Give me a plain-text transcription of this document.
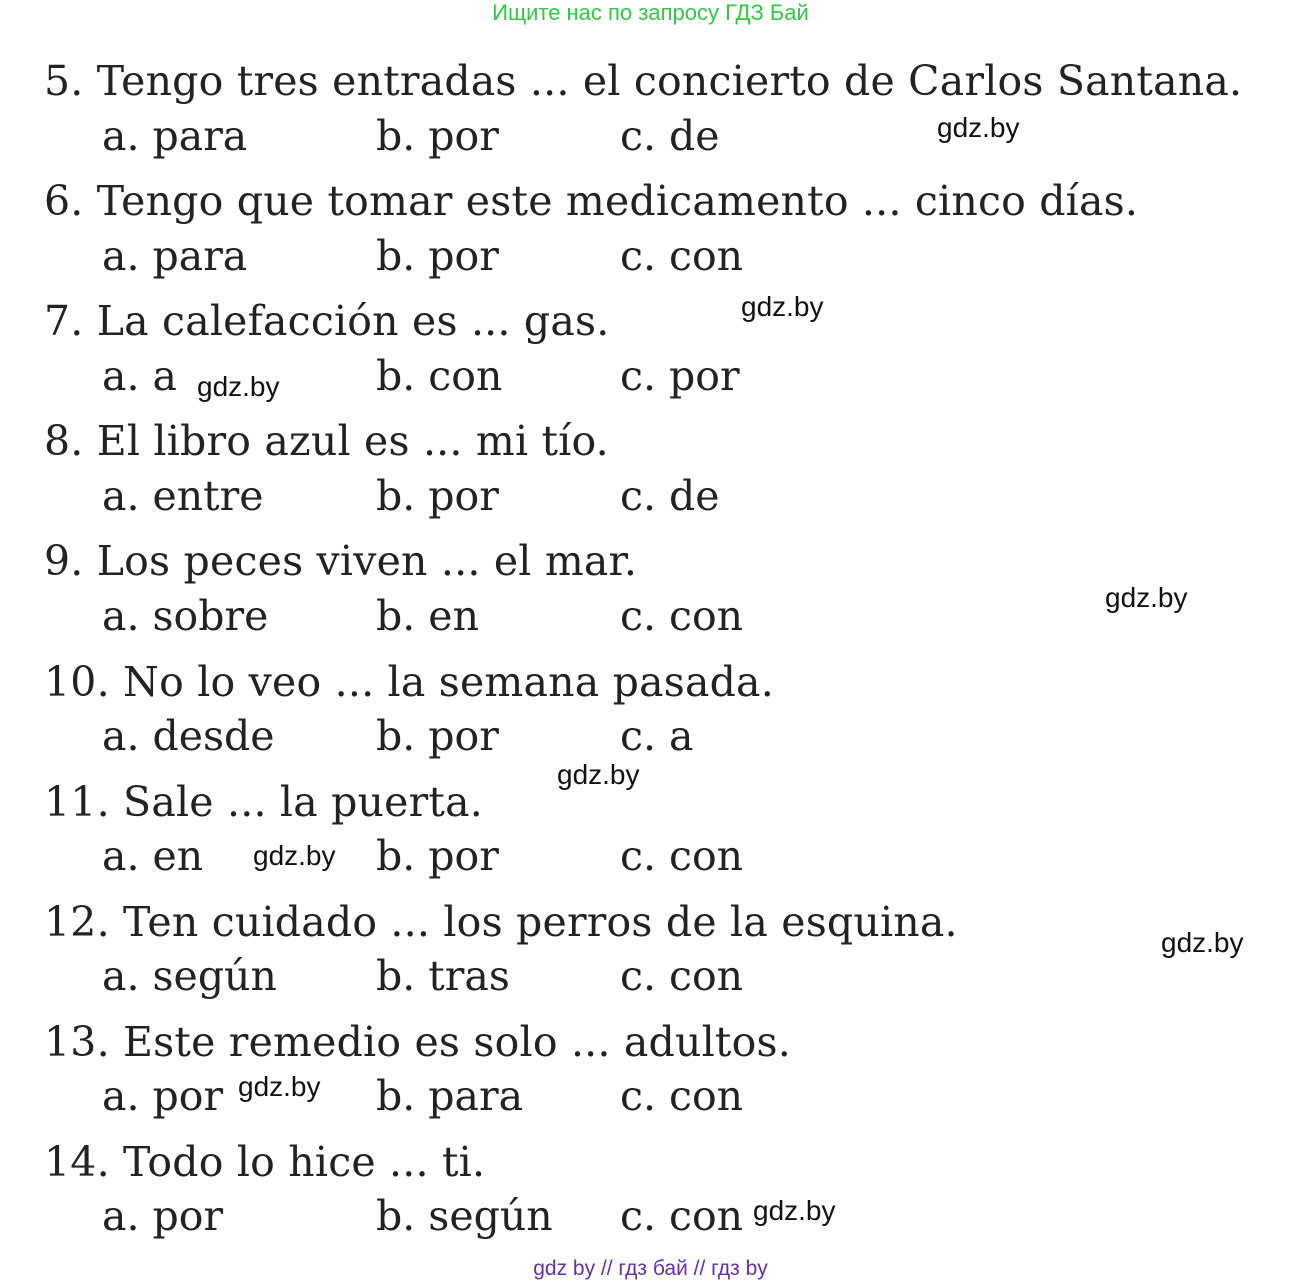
Ищите нас по запросу ГДЗ Бай
5. Tengo tres entradas ... el concierto de Carlos Santana.
a. para	b. por	c. de
6. Tengo que tomar este medicamento ... cinco días.
a. para	b. por	c. con
7. La calefacción es ... gas.
a. a	b. con	c. por
8. El libro azul es ... mi tío.
a. entre	b. por	c. de
9. Los peces viven ... el mar.
a. sobre	b. en	c. con
10. No lo veo ... la semana pasada.
a. desde b. por	c. a
11. Sale ... la puerta.
a. en	b. por	c. con
12. Ten cuidado ... los perros de la esquina.
a. según b. tras	c. con
13. Este remedio es solo ... adultos.
a. por	b. para c. con
14. Todo lo hice ... ti.
a. por	b. según c. con
gdz.by
gdz.by
gdz.by
gdz.by
gdz.by
gdz.by
gdz.by
gdz.by
gdz.by
gdz by // гдз бай // гдз by
